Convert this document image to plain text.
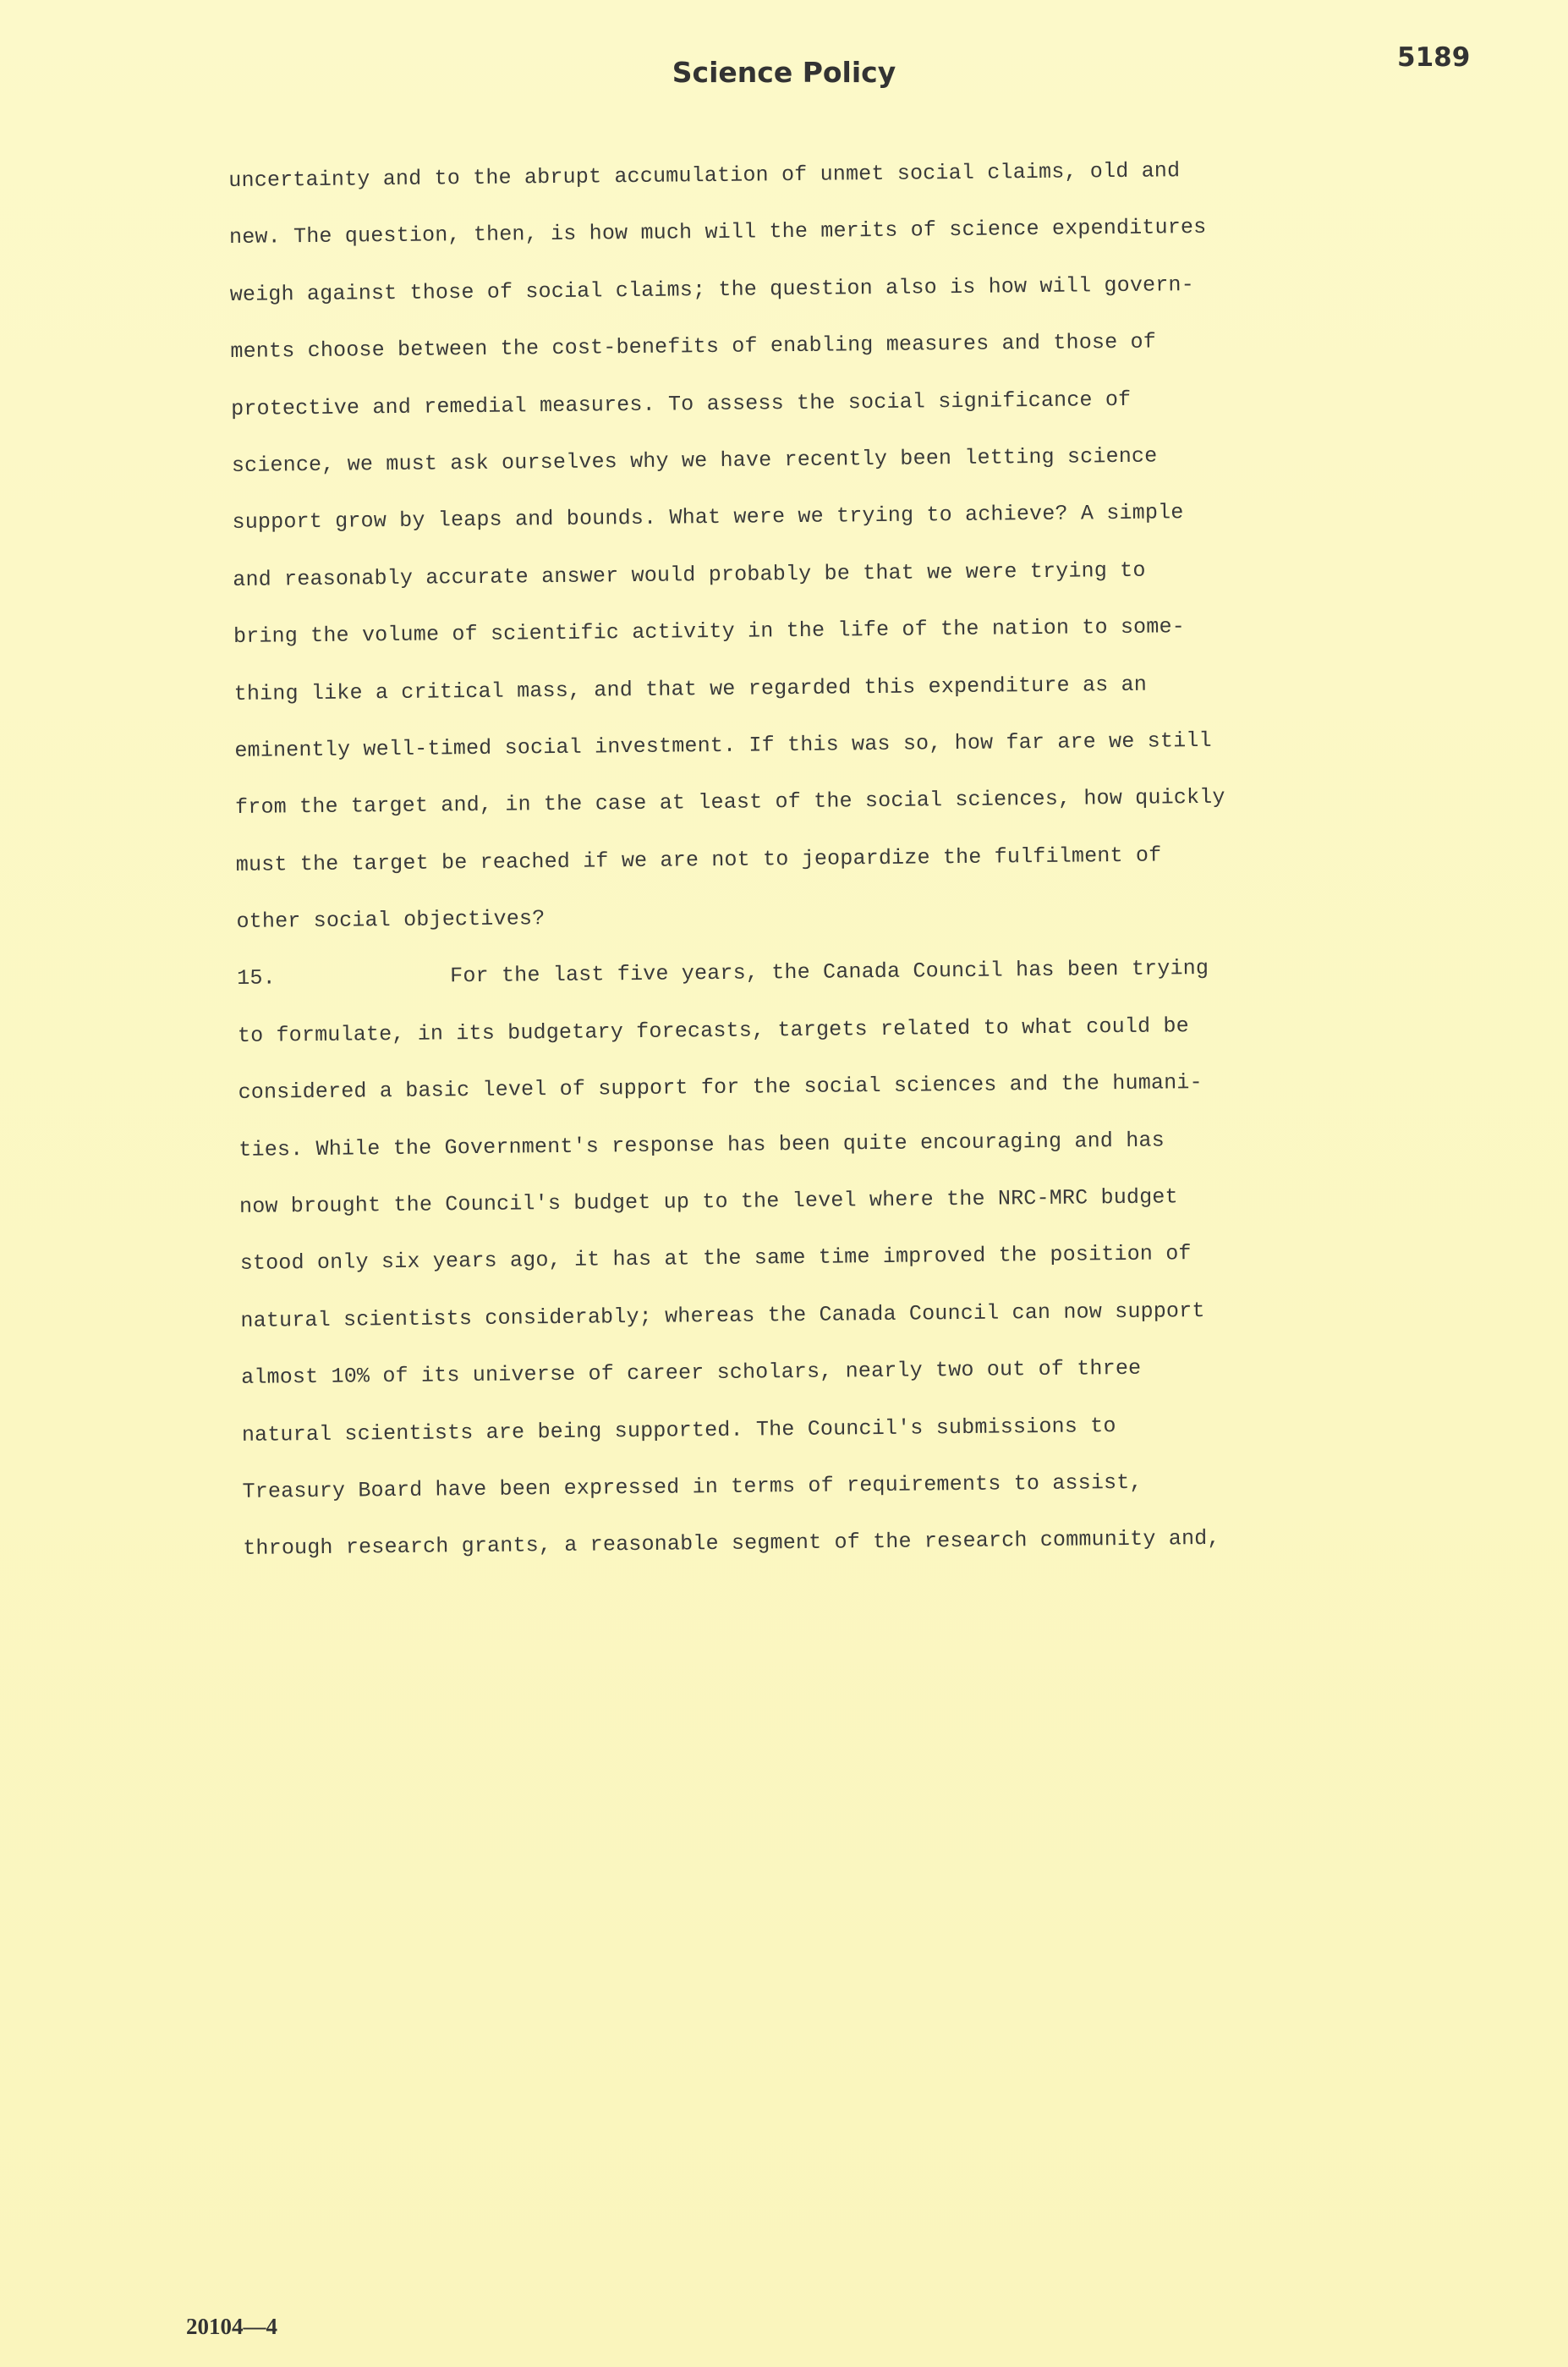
Science Policy	5189
uncertainty and to the abrupt accumulation of unmet social claims, old and
new. The question, then, is how much will the merits of science expenditures
weigh against those of social claims; the question also is how will govern-
ments choose between the cost-benefits of enabling measures and those of
protective and remedial measures. To assess the social significance of
science, we must ask ourselves why we have recently been letting science
support grow by leaps and bounds. What were we trying to achieve? A simple
and reasonably accurate answer would probably be that we were trying to
bring the volume of scientific activity in the life of the nation to some-
thing like a critical mass, and that we regarded this expenditure as an
eminently well-timed social investment. If this was so, how far are we still
from the target and, in the case at least of the social sciences, how quickly
must the target be reached if we are not to jeopardize the fulfilment of
other social objectives?
15.	For the last five years, the Canada Council has been trying
to formulate, in its budgetary forecasts, targets related to what could be
considered a basic level of support for the social sciences and the humani-
ties. While the Government's response has been quite encouraging and has
now brought the Council's budget up to the level where the NRC-MRC budget
stood only six years ago, it has at the same time improved the position of
natural scientists considerably; whereas the Canada Council can now support
almost 10% of its universe of career scholars, nearly two out of three
natural scientists are being supported. The Council's submissions to
Treasury Board have been expressed in terms of requirements to assist,
through research grants, a reasonable segment of the research community and,
20104—4
